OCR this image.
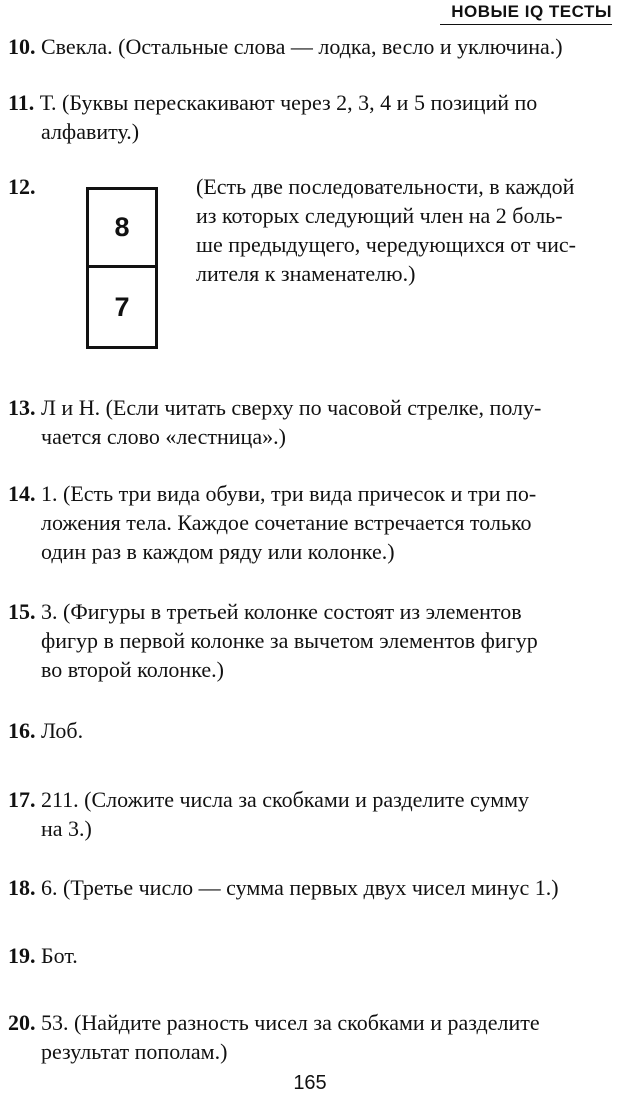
НОВЫЕ IQ ТЕСТЫ
10. Свекла. (Остальные слова — лодка, весло и уключина.)
11. Т. (Буквы перескакивают через 2, 3, 4 и 5 позиций по
алфавиту.)
12.
$\frac{8}{7}$
(Есть две последовательности, в каждой
из которых следующий член на 2 боль-
ше предыдущего, чередующихся от чис-
лителя к знаменателю.)
13. Л и Н. (Если читать сверху по часовой стрелке, полу-
чается слово «лестница».)
14. 1. (Есть три вида обуви, три вида причесок и три по-
ложения тела. Каждое сочетание встречается только
один раз в каждом ряду или колонке.)
15. 3. (Фигуры в третьей колонке состоят из элементов
фигур в первой колонке за вычетом элементов фигур
во второй колонке.)
16. Лоб.
17. 211. (Сложите числа за скобками и разделите сумму
на 3.)
18. 6. (Третье число — сумма первых двух чисел минус 1.)
19. Бот.
20. 53. (Найдите разность чисел за скобками и разделите
результат пополам.)
165
